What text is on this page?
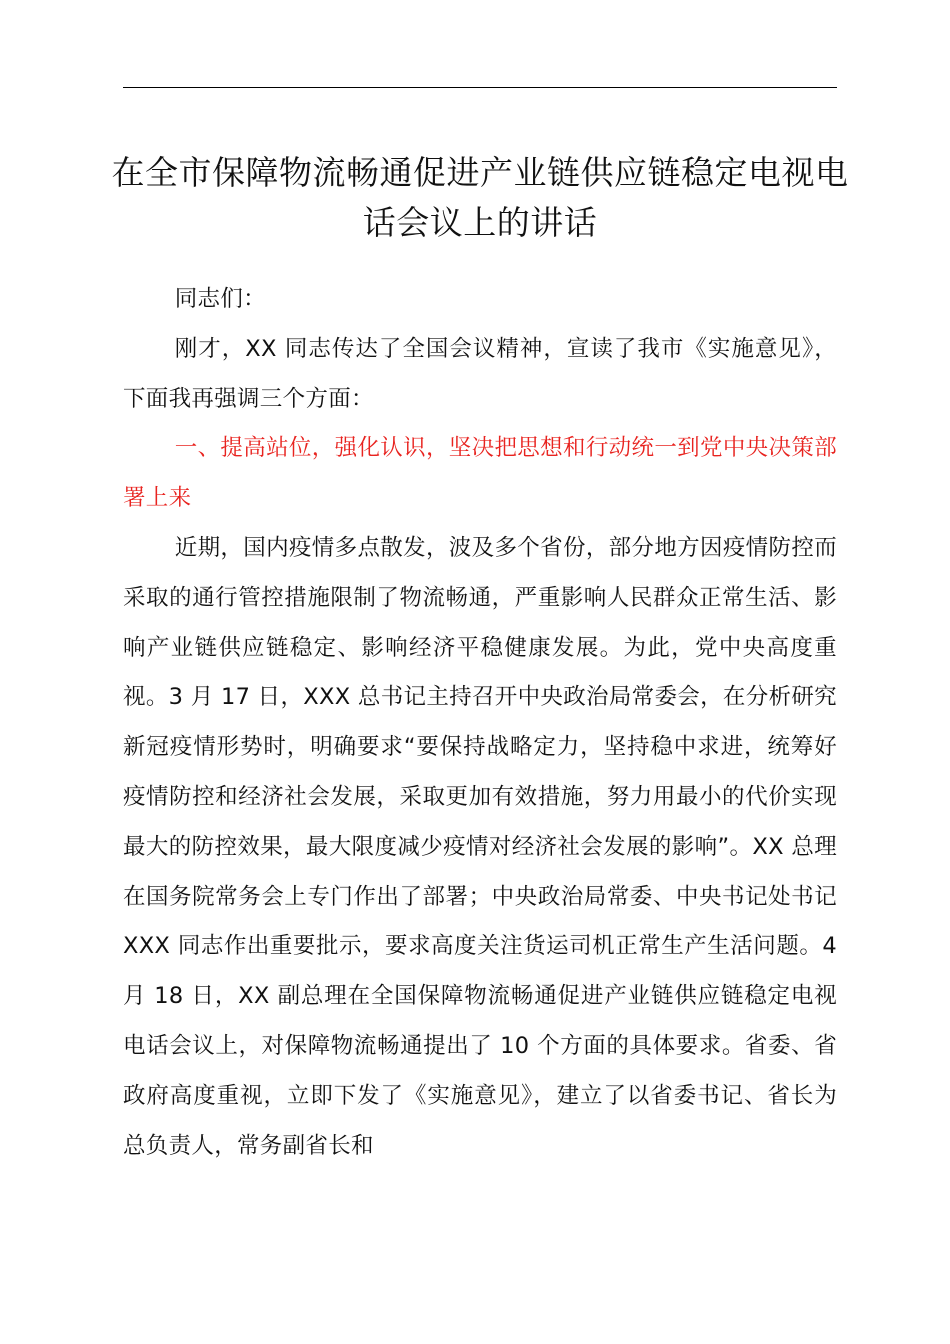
在全市保障物流畅通促进产业链供应链稳定电视电话会议上的讲话

同志们：

刚才，XX 同志传达了全国会议精神，宣读了我市《实施意见》，下面我再强调三个方面：

一、提高站位，强化认识，坚决把思想和行动统一到党中央决策部署上来

近期，国内疫情多点散发，波及多个省份，部分地方因疫情防控而采取的通行管控措施限制了物流畅通，严重影响人民群众正常生活、影响产业链供应链稳定、影响经济平稳健康发展。为此，党中央高度重视。3 月 17 日，XXX 总书记主持召开中央政治局常委会，在分析研究新冠疫情形势时，明确要求“要保持战略定力，坚持稳中求进，统筹好疫情防控和经济社会发展，采取更加有效措施，努力用最小的代价实现最大的防控效果，最大限度减少疫情对经济社会发展的影响”。XX 总理在国务院常务会上专门作出了部署；中央政治局常委、中央书记处书记 XXX 同志作出重要批示，要求高度关注货运司机正常生产生活问题。4 月 18 日，XX 副总理在全国保障物流畅通促进产业链供应链稳定电视电话会议上，对保障物流畅通提出了 10 个方面的具体要求。省委、省政府高度重视，立即下发了《实施意见》，建立了以省委书记、省长为总负责人，常务副省长和
